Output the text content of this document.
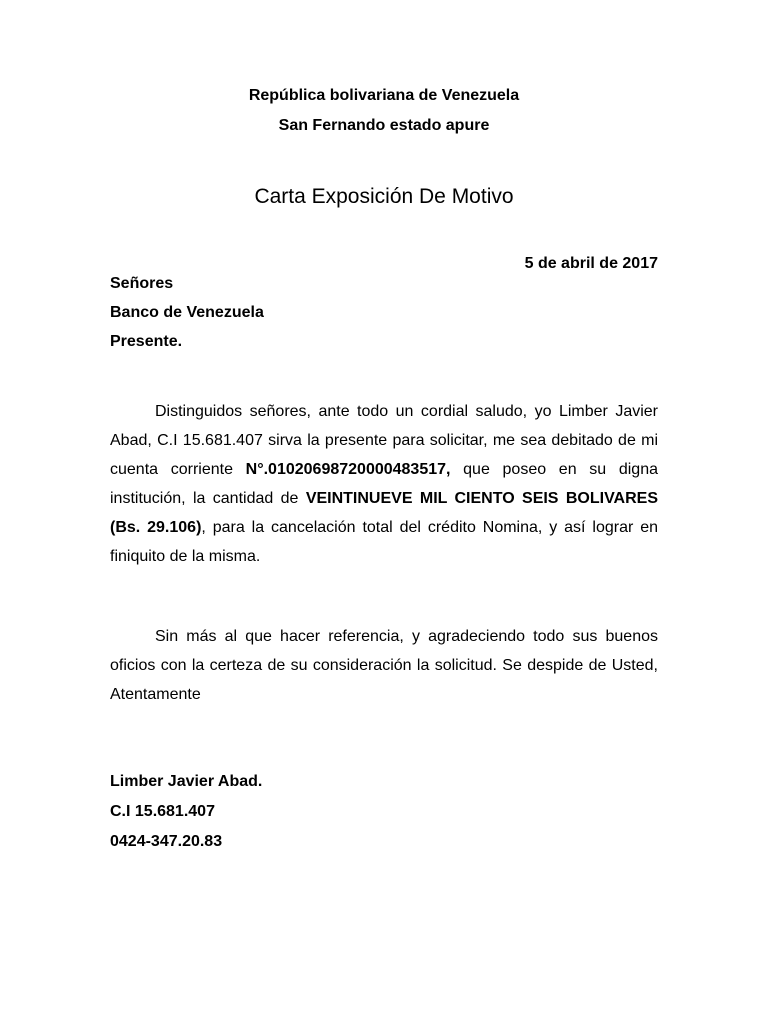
República bolivariana de Venezuela
San Fernando estado apure
Carta Exposición De Motivo
5 de abril de 2017
Señores
Banco de Venezuela
Presente.

Distinguidos señores, ante todo un cordial saludo, yo Limber Javier Abad, C.I 15.681.407 sirva la presente para solicitar, me sea debitado de mi cuenta corriente N°.01020698720000483517, que poseo en su digna institución, la cantidad de VEINTINUEVE MIL CIENTO SEIS BOLIVARES (Bs. 29.106), para la cancelación total del crédito Nomina, y así lograr en finiquito de la misma.

Sin más al que hacer referencia, y agradeciendo todo sus buenos oficios con la certeza de su consideración la solicitud. Se despide de Usted, Atentamente

Limber Javier Abad.
C.I 15.681.407
0424-347.20.83
